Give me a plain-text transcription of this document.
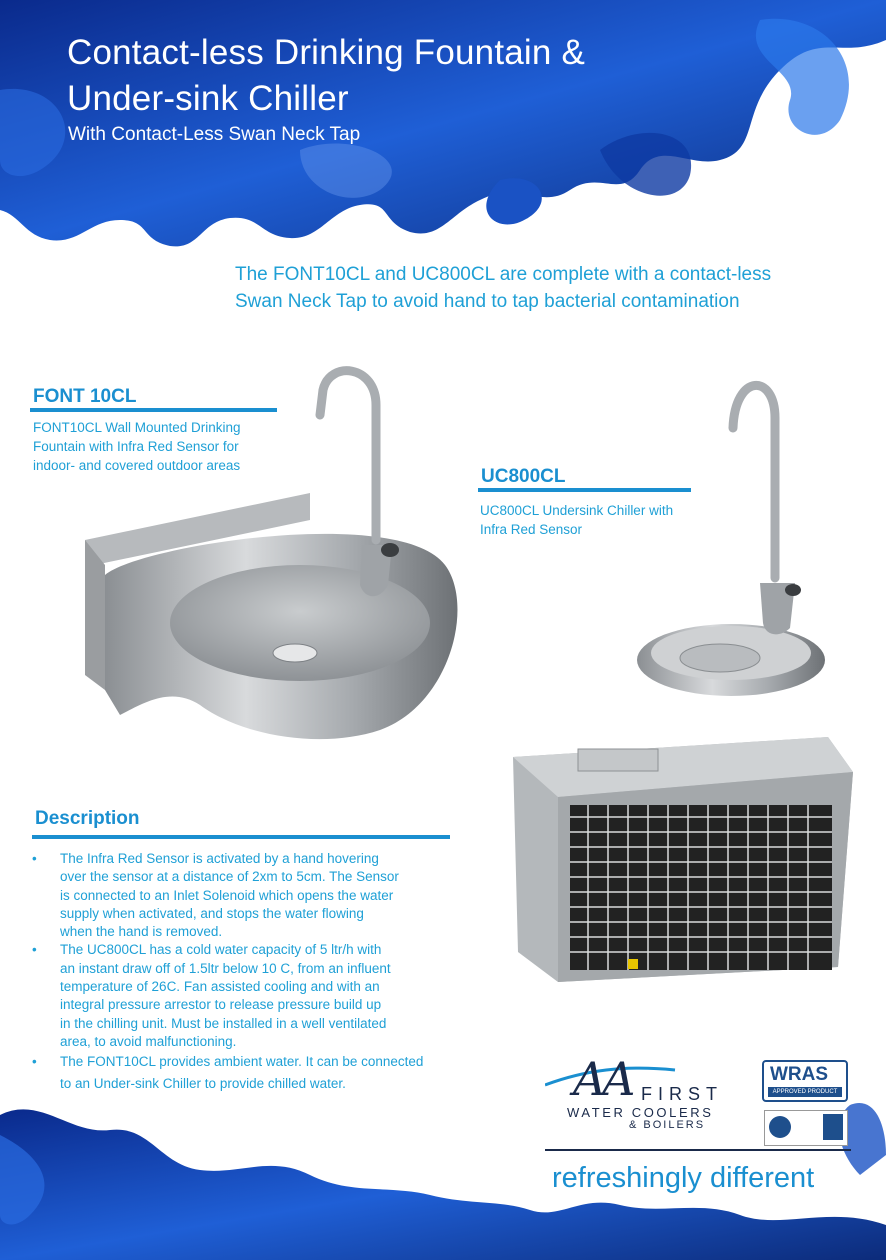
Contact-less Drinking Fountain &
Under-sink Chiller
With Contact-Less Swan Neck Tap
The FONT10CL and UC800CL are complete with a contact-less
Swan Neck Tap to avoid hand to tap bacterial contamination
FONT 10CL
FONT10CL Wall Mounted Drinking
Fountain with Infra Red Sensor for
indoor- and covered outdoor areas
UC800CL
UC800CL Undersink Chiller with
Infra Red Sensor
Description
• The Infra Red Sensor is activated by a hand hovering
over the sensor at a distance of 2xm to 5cm. The Sensor
is connected to an Inlet Solenoid which opens the water
supply when activated, and stops the water flowing
when the hand is removed.
• The UC800CL has a cold water capacity of 5 ltr/h with
an instant draw off of 1.5ltr below 10 C, from an influent
temperature of 26C. Fan assisted cooling and with an
integral pressure arrestor to release pressure build up
in the chilling unit. Must be installed in a well ventilated
area, to avoid malfunctioning.
• The FONT10CL provides ambient water. It can be connected
to an Under-sink Chiller to provide chilled water.	AA FIRST
WATER COOLERS
& BOILERS
WRAS
APPROVED PRODUCT
refreshingly different
